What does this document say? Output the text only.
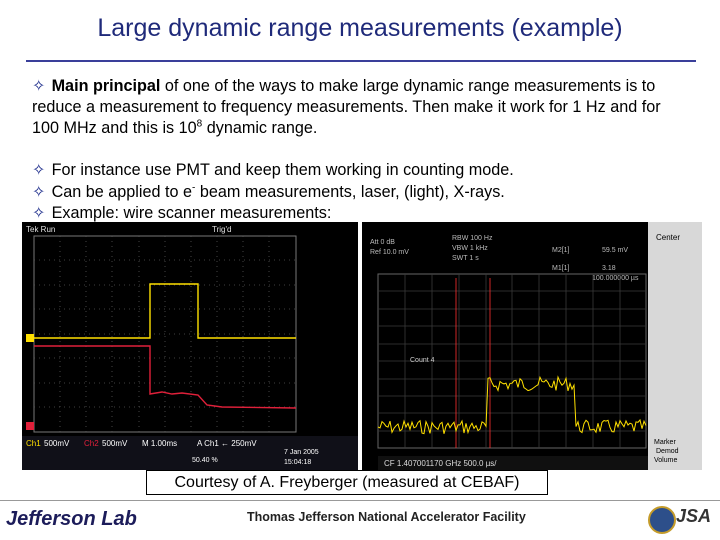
Large dynamic range measurements (example)
✧ Main principal of one of the ways to make large dynamic range measurements is to reduce a measurement to frequency measurements. Then make it work for 1 Hz and for 100 MHz and this is $10^8$ dynamic range.
✧ For instance use PMT and keep them working in counting mode.
✧ Can be applied to e- beam measurements, laser, (light), X-rays.
✧ Example: wire scanner measurements:
Tek Run	Trig'd
Ch1 500mV Ch2 500mV M 1.00ms A Ch1 ← 250mV
50.40 %
7 Jan 2005
15:04:18
Center
Marker Demod Volume
Att 0 dB
Ref 10.0 mV
RBW 100 Hz
VBW 1 kHz
SWT 1 s
M2[1]	59.5 mV
M1[1]	3.18
100.000000 µs
Count 4
CF 1.407001170 GHz 500.0 µs/
Courtesy of A. Freyberger (measured at CEBAF)
Jefferson Lab	Thomas Jefferson National Accelerator Facility	JSA
